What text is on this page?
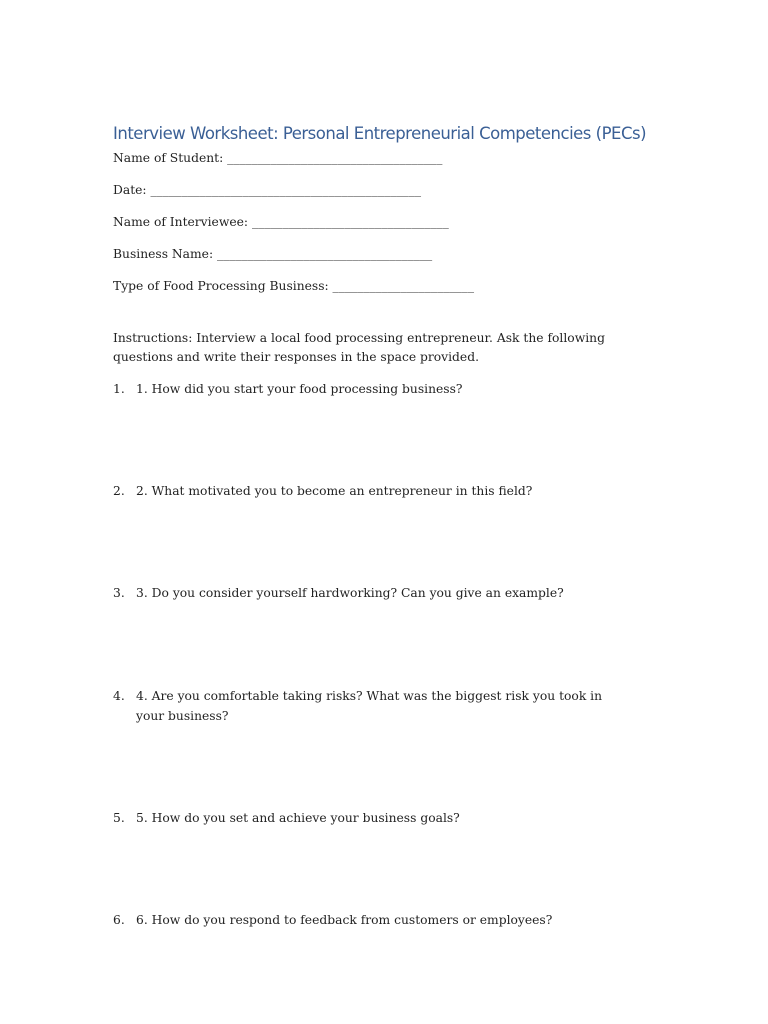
Interview Worksheet: Personal Entrepreneurial Competencies (PECs)
Name of Student: ___________________________________
Date: ____________________________________________
Name of Interviewee: ________________________________
Business Name: ___________________________________
Type of Food Processing Business: _______________________

Instructions: Interview a local food processing entrepreneur. Ask the following questions and write their responses in the space provided.

1. 1. How did you start your food processing business?
2. 2. What motivated you to become an entrepreneur in this field?
3. 3. Do you consider yourself hardworking? Can you give an example?
4. 4. Are you comfortable taking risks? What was the biggest risk you took in your business?
5. 5. How do you set and achieve your business goals?
6. 6. How do you respond to feedback from customers or employees?
